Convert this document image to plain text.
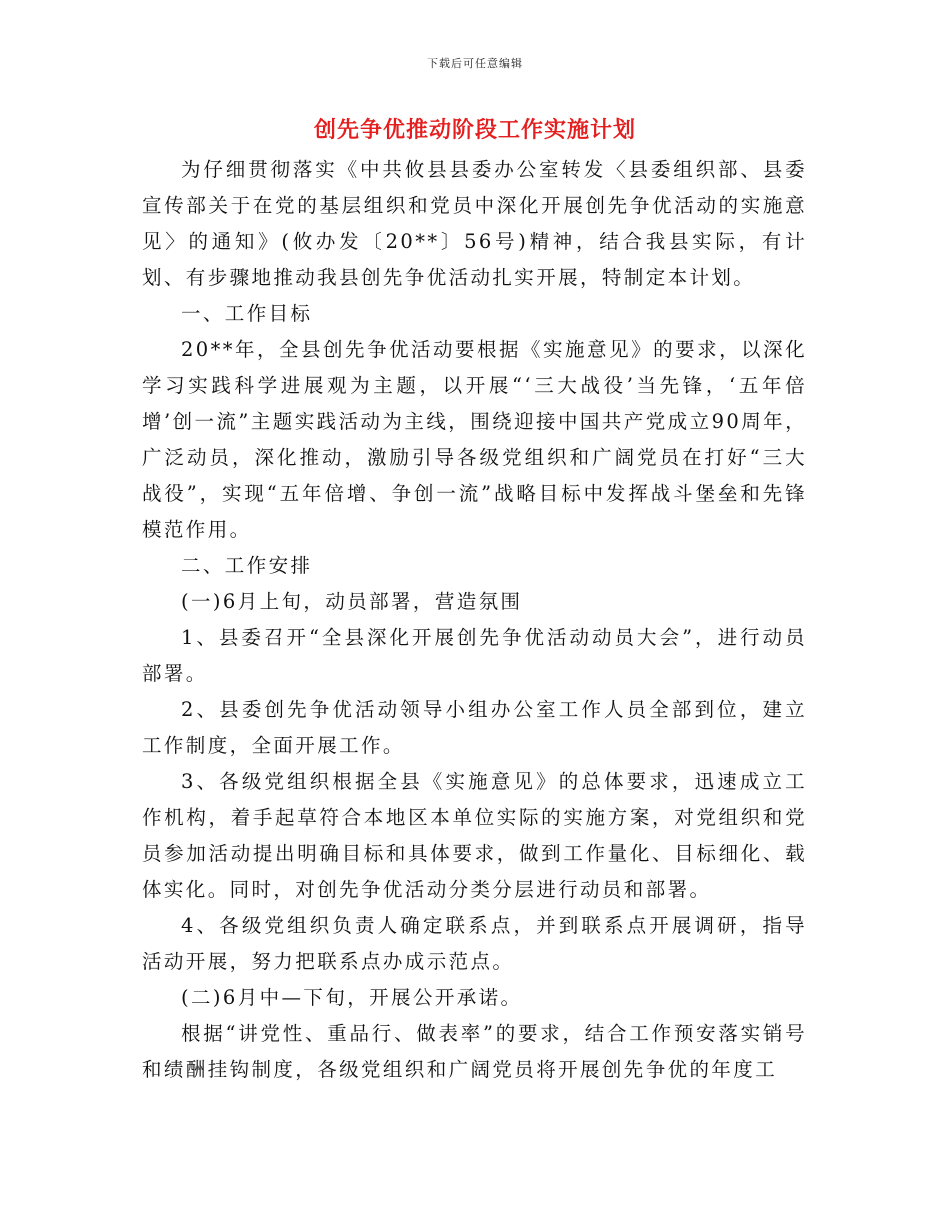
下载后可任意编辑
创先争优推动阶段工作实施计划

为仔细贯彻落实《中共攸县县委办公室转发〈县委组织部、县委宣传部关于在党的基层组织和党员中深化开展创先争优活动的实施意见〉的通知》(攸办发〔20**〕56号)精神，结合我县实际，有计划、有步骤地推动我县创先争优活动扎实开展，特制定本计划。

一、工作目标

20**年，全县创先争优活动要根据《实施意见》的要求，以深化学习实践科学进展观为主题，以开展“‘三大战役’当先锋，‘五年倍增’创一流”主题实践活动为主线，围绕迎接中国共产党成立90周年，广泛动员，深化推动，激励引导各级党组织和广阔党员在打好“三大战役”，实现“五年倍增、争创一流”战略目标中发挥战斗堡垒和先锋模范作用。

二、工作安排

(一)6月上旬，动员部署，营造氛围

1、县委召开“全县深化开展创先争优活动动员大会”，进行动员部署。

2、县委创先争优活动领导小组办公室工作人员全部到位，建立工作制度，全面开展工作。

3、各级党组织根据全县《实施意见》的总体要求，迅速成立工作机构，着手起草符合本地区本单位实际的实施方案，对党组织和党员参加活动提出明确目标和具体要求，做到工作量化、目标细化、载体实化。同时，对创先争优活动分类分层进行动员和部署。

4、各级党组织负责人确定联系点，并到联系点开展调研，指导活动开展，努力把联系点办成示范点。

(二)6月中—下旬，开展公开承诺。

根据“讲党性、重品行、做表率”的要求，结合工作预安落实销号和绩酬挂钩制度，各级党组织和广阔党员将开展创先争优的年度工
